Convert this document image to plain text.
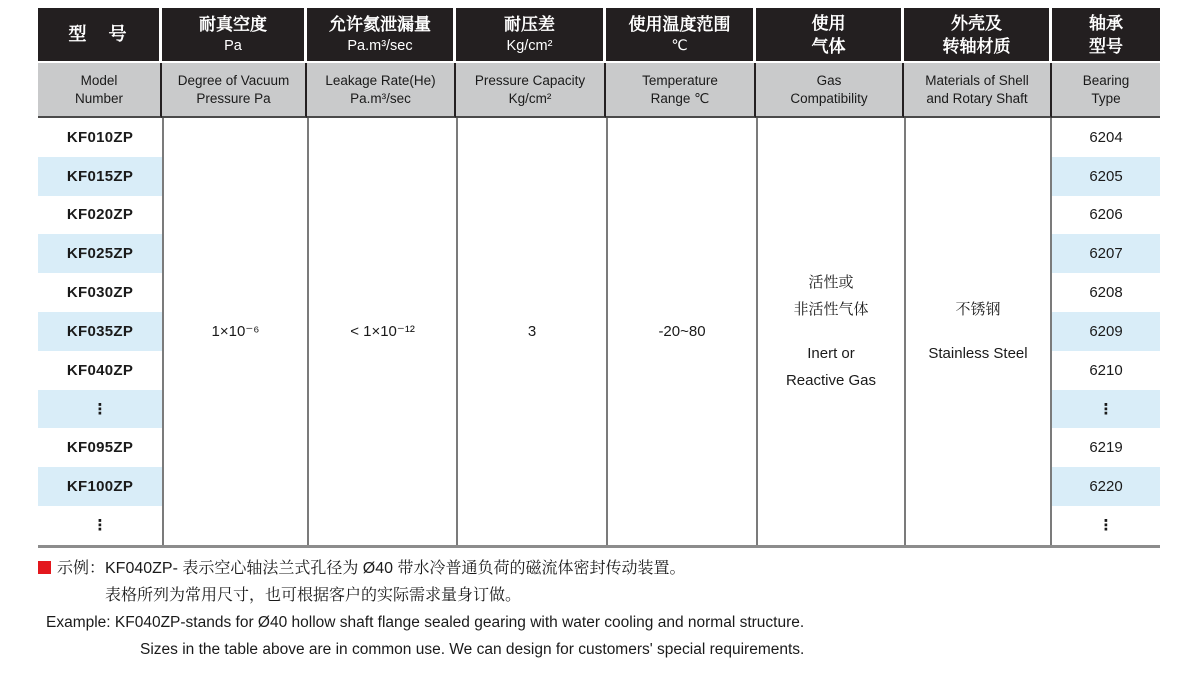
型　号
Model
Number
KF010ZP
KF015ZP
KF020ZP
KF025ZP
KF030ZP
KF035ZP
KF040ZP
⋮
KF095ZP
KF100ZP
⋮
耐真空度
Pa
Degree of Vacuum
Pressure Pa
1×10⁻⁶
允许氦泄漏量
Pa.m³/sec
Leakage Rate(He)
Pa.m³/sec
< 1×10⁻¹²
耐压差
Kg/cm²
Pressure Capacity
Kg/cm²
3
使用温度范围
℃
Temperature
Range ℃
-20~80
使用
气体
Gas
Compatibility
活性或
非活性气体
Inert or
Reactive Gas
外壳及
转轴材质
Materials of Shell
and Rotary Shaft
不锈钢
Stainless Steel
轴承
型号
Bearing
Type
6204
6205
6206
6207
6208
6209
6210
⋮
6219
6220
⋮
示例：KF040ZP- 表示空心轴法兰式孔径为 Ø40 带水冷普通负荷的磁流体密封传动装置。
表格所列为常用尺寸，也可根据客户的实际需求量身订做。
Example: KF040ZP-stands for Ø40 hollow shaft flange sealed gearing with water cooling and normal structure.
Sizes in the table above are in common use. We can design for customers' special requirements.
